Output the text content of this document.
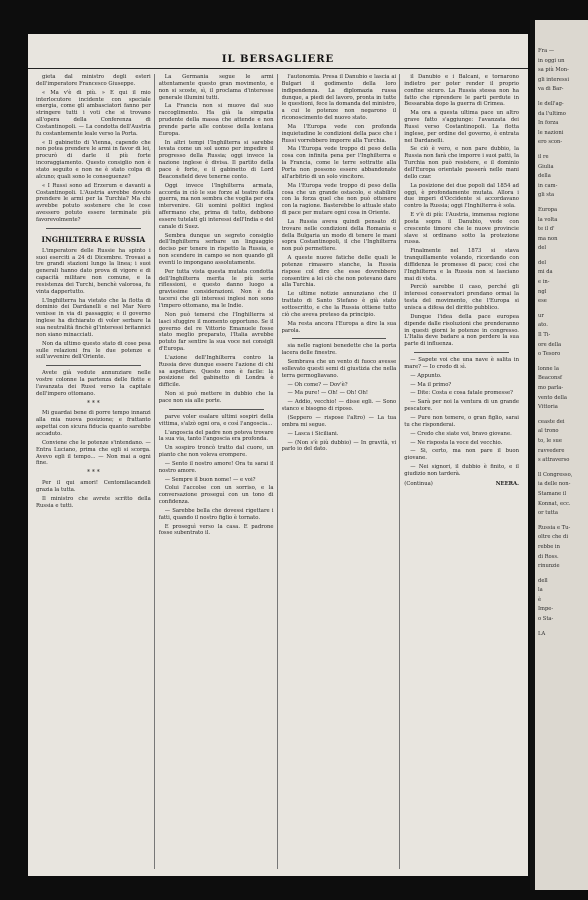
IL BERSAGLIERE

gieta dal ministro degli esteri dell'imperatore Francesco Giuseppe.

« Ma v'è di più. » E qui il mio interlocutore incidente con speciale energia, come gli ambasciatori fanno per stringere tutti i voti che si trovano all'opera della Conferenza di Costantinopoli. — La condotta dell'Austria fu costantemente leale verso la Porta.

« Il gabinetto di Vienna, capendo che non potea prendere le armi in favor di lei, procurò di darle il più forte incoraggiamento. Questo consiglio non è stato seguito e non ne è stato colpa di alcuno; quali sono le conseguenze?

« I Russi sono ad Erzerum e davanti a Costantinopoli. L'Austria avrebbe dovuto prendere le armi per la Turchia? Ma chi avrebbe potuto sostenere che le cose avessero potuto essere terminate più favorevolmente?

INGHILTERRA E RUSSIA

L'imperatore delle Russie ha spinto i suoi eserciti a 24 di Dicembre. Trovasi a tre grandi stazioni lungo la linea; i suoi generali hanno dato prova di vigore e di capacità militare non comune, e la resistenza dei Turchi, benchè valorosa, fu vinta dappertutto.

L'Inghilterra ha vietato che la flotta di dominio dei Dardanelli e nel Mar Nero venisse in via di passaggio; e il governo inglese ha dichiarato di voler serbare la sua neutralità finchè gl'interessi britannici non siano minacciati.

Non da ultimo questo stato di cose pesa sulle relazioni fra le due potenze e sull'avvenire dell'Oriente.

Avete già vedute annunziare nelle vostre colonne la partenza delle flotte e l'avanzata dei Russi verso la capitale dell'impero ottomano.

* * *

Mi guardai bene di porre tempo innanzi alla mia nuova posizione; e frattanto aspettai con sicura fiducia quanto sarebbe accaduto.

Conviene che le potenze s'intendano. — Entra Luciano, prima che egli si scorga. Avevo egli il tempo... — Non mai a ogni fine.

* * *

Per il qui amori! Centomilacandeli grazia la tutta.

Il ministro che avrete scritto della Russia e tutti.

La Germania segue le armi attentamente questo gran movimento, e non si scoste, sì, il proclama d'interesse generale illumini tutti.

La Francia non si muove dal suo raccoglimento. Ha già la simpatia prudente della massa che attende e non prende parte alle contese della lontana Europa.

In altri tempi l'Inghilterra si sarebbe levata come un sol uomo per impedire il progresso della Russia; oggi invece la nazione inglese è divisa. Il partito della pace è forte, e il gabinetto di Lord Beaconsfield deve tenerne conto.

Oggi invece l'Inghilterra armata, accorda in ciò le sue forze al teatro della guerra, ma non sembra che voglia per ora intervenire. Gli uomini politici inglesi affermano che, prima di tutto, debbono essere tutelati gli interessi dell'India e del canale di Suez.

Sembra dunque un segreto consiglio dell'Inghilterra serbare un linguaggio deciso per tenere in rispetto la Russia, e non scendere in campo se non quando gli eventi lo impongano assolutamente.

Per tutta vista questa mutata condotta dell'Inghilterra merita le più serie riflessioni, e questo danno luogo a gravissime considerazioni. Non è da tacersi che gli interessi inglesi non sono l'impero ottomano, ma le Indie.

Non può temersi che l'Inghilterra si lasci sfuggire il momento opportuno. Se il governo del re Vittorio Emanuele fosse stato meglio preparato, l'Italia avrebbe potuto far sentire la sua voce nei consigli d'Europa.

L'azione dell'Inghilterra contro la Russia deve dunque essere l'azione di chi sa aspettare. Questo non è facile: la posizione del gabinetto di Londra è difficile.

Non si può mettere in dubbio che la pace non sia alle porte.

parve voler esalare ultimi sospiri della vittima, s'alzò ogni ora, e così l'angoscia...

L'angoscia del padre non poteva trovare la sua via, tanto l'angoscia era profonda.

Un sospiro troncò tratto dal cuore, un pianto che non voleva erompere.

— Sento il nostro amore! Ora tu sarai il nostro amore.

— Sempre il buon nome! — e voi?

Colui l'accolse con un sorriso, e la conversazione proseguì con un tono di confidenza.

— Sarebbe bella che dovessi rigettare i fatti, quando il nostro figlio è tornato.

E proseguì verso la casa. E padrone fosse subentrato il.

l'autonomia. Presa il Danubio e lascia ai Bulgari il godimento della loro indipendenza. La diplomazia russa dunque, a piedi del lavoro, pronta in tutte le questioni, fece la domanda del ministro, a cui le potenze non negarono il riconoscimento del nuovo stato.

Ma l'Europa vede con profonda inquietudine le condizioni della pace che i Russi vorrebbero imporre alla Turchia.

Ma l'Europa vede troppo di peso della cosa con infinita pena per l'Inghilterra e la Francia, come le terre sottratte alla Porta non possono essere abbandonate all'arbitrio di un solo vincitore.

Ma l'Europa vede troppo di peso della cosa che un grande ostacolo, e stabilire con la forza quel che non può ottenere con la ragione. Basterebbe lo attuale stato di pace per mutare ogni cosa in Oriente.

La Russia aveva quindi pensato di trovare nelle condizioni della Romania e della Bulgaria un modo di tenere le mani sopra Costantinopoli, il che l'Inghilterra non può permettere.

A queste nuove fatiche delle quali le potenze rimasero stanche, la Russia rispose col dire che esse dovrebbero consentire a lei ciò che non potevano dare alla Turchia.

Le ultime notizie annunziano che il trattato di Santo Stefano è già stato sottoscritto, e che la Russia ottiene tutto ciò che aveva preteso da principio.

Ma resta ancora l'Europa a dire la sua parola.

sia nelle ragioni benedette che la porta lacera delle finestre.

Sembrava che un vento di fuoco avesse sollevato questi semi di giustizia che nella terra germogliavano.

— Oh come? — Dov'è?

— Ma pure! — Oh! — Oh! Oh!

— Addio, vecchio! — disse egli. — Sono stanco e bisogno di riposo.

(Seppero — rispose l'altro) — La tua ombra mi segue.

— Lasca i Siciliani.

— (Non s'è più dubbio) — In gravità, vi parlo io del dato.

il Danubio e i Balcani, e tornarono indietro per poter render il proprio confine sicuro. La Russia stessa non ha fatto che riprendere le parti perdute in Bessarabia dopo la guerra di Crimea.

Ma ora a questa ultima pace un altro grave fatto s'aggiunge: l'avanzata dei Russi verso Costantinopoli. La flotta inglese, per ordine del governo, è entrata nei Dardanelli.

Se ciò è vero, e non pare dubbio, la Russia non farà che imporre i suoi patti, la Turchia non può resistere, e il dominio dell'Europa orientale passerà nelle mani dello czar.

La posizione dei due popoli dal 1854 ad oggi, è profondamente mutata. Allora i due imperi d'Occidente si accordavano contro la Russia; oggi l'Inghilterra è sola.

E v'è di più: l'Austria, immensa regione posta sopra il Danubio, vede con crescente timore che le nuove provincie slave si ordinano sotto la protezione russa.

Finalmente nel 1873 si stava tranquillamente volando, ricordando con diffidenza le promesse di pace; così che l'Inghilterra e la Russia non si lasciano mai di vista.

Perciò sarebbe il caso, perché gli interessi conservatori prendano ormai la testa del movimento, che l'Europa si unisca a difesa del diritto pubblico.

Dunque l'idea della pace europea dipende dalle risoluzioni che prenderanno in questi giorni le potenze in congresso. L'Italia deve badare a non perdere la sua parte di influenza.

— Sapete voi che una nave è salita in mare? — Io credo di sì.

— Appunto.

— Ma il primo?

— Dite: Costa e cosa fatale promesse?

— Sarà per noi la ventura di un grande pescatore.

— Pure non temere, o gran figlio, sarai tu che risponderai.

— Credo che siate voi, bravo giovane.

— Ne risposta la voce del vecchio.

— Si, certo, ma non pare il buon giovane.

— Nei signori, il dubbio è finito, e il giudizio non tarderà.

(Continua)	NEERA.
Fra —
in oggi un
sa più Mon-
gli interessi
va di Bar-
le dell'ag-
da l'ultimo
In forza
le nazioni
ero scon-
il re
Giulia
della
in cam-
gli sta
Europa
la volta
te il d'
ma non
del
del
mi da
e in-
ngl
ese
ur
ato.
Il Ti-
ore della
o Tesoro
lonne la
Beaconsf
mo parla-
vento della
Vittoria
ceaste dei
al trono
to, le sue
ravvedere
s attraverso
ll Congresso,
ia delle non-
Stamane il
Konnat, ecc.
or tutta
Russia e Tu-
oltre che di
rebbe in
di Ross.
rinunzie
dell
la
è
Impe-
o Sta-
LA
